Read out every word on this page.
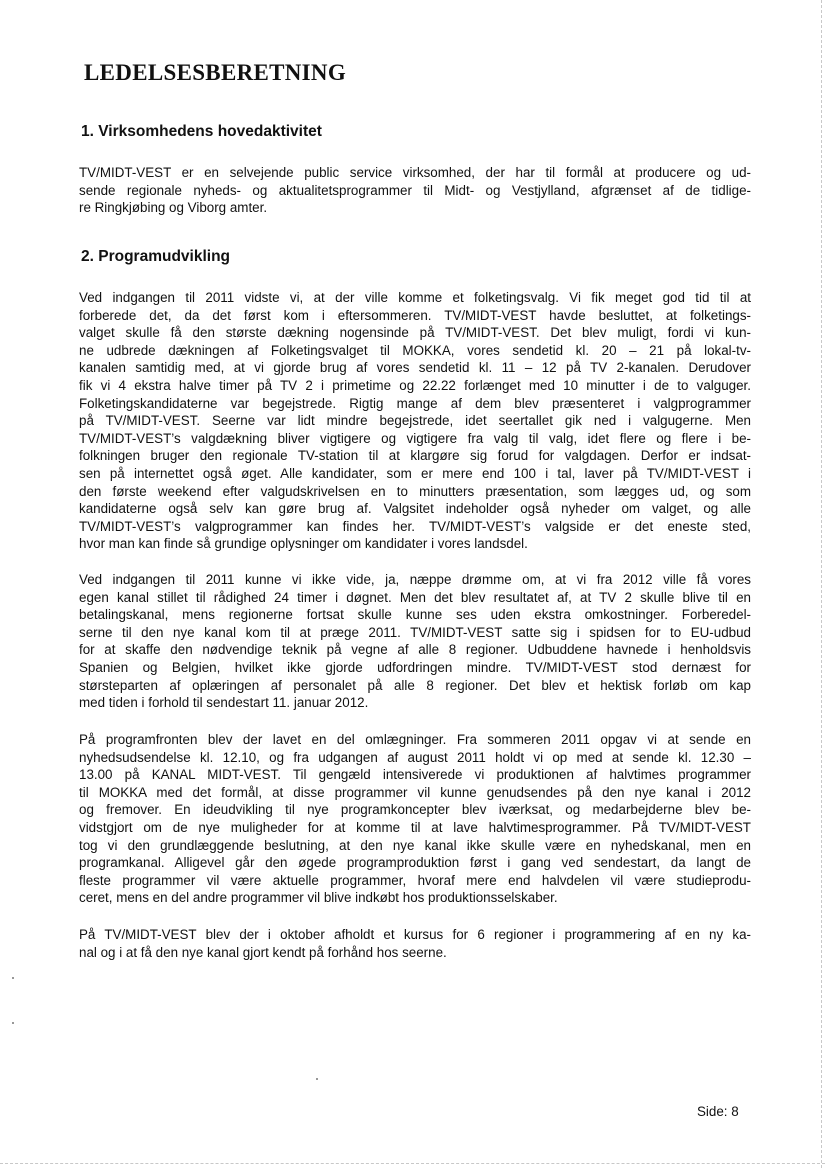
LEDELSESBERETNING
1. Virksomhedens hovedaktivitet
TV/MIDT-VEST er en selvejende public service virksomhed, der har til formål at producere og ud-
sende regionale nyheds- og aktualitetsprogrammer til Midt- og Vestjylland, afgrænset af de tidlige-
re Ringkjøbing og Viborg amter.
2. Programudvikling
Ved indgangen til 2011 vidste vi, at der ville komme et folketingsvalg. Vi fik meget god tid til at
forberede det, da det først kom i eftersommeren. TV/MIDT-VEST havde besluttet, at folketings-
valget skulle få den største dækning nogensinde på TV/MIDT-VEST. Det blev muligt, fordi vi kun-
ne udbrede dækningen af Folketingsvalget til MOKKA, vores sendetid kl. 20 – 21 på lokal-tv-
kanalen samtidig med, at vi gjorde brug af vores sendetid kl. 11 – 12 på TV 2-kanalen. Derudover
fik vi 4 ekstra halve timer på TV 2 i primetime og 22.22 forlænget med 10 minutter i de to valguger.
Folketingskandidaterne var begejstrede. Rigtig mange af dem blev præsenteret i valgprogrammer
på TV/MIDT-VEST. Seerne var lidt mindre begejstrede, idet seertallet gik ned i valgugerne. Men
TV/MIDT-VEST’s valgdækning bliver vigtigere og vigtigere fra valg til valg, idet flere og flere i be-
folkningen bruger den regionale TV-station til at klargøre sig forud for valgdagen. Derfor er indsat-
sen på internettet også øget. Alle kandidater, som er mere end 100 i tal, laver på TV/MIDT-VEST i
den første weekend efter valgudskrivelsen en to minutters præsentation, som lægges ud, og som
kandidaterne også selv kan gøre brug af. Valgsitet indeholder også nyheder om valget, og alle
TV/MIDT-VEST’s valgprogrammer kan findes her. TV/MIDT-VEST’s valgside er det eneste sted,
hvor man kan finde så grundige oplysninger om kandidater i vores landsdel.
Ved indgangen til 2011 kunne vi ikke vide, ja, næppe drømme om, at vi fra 2012 ville få vores
egen kanal stillet til rådighed 24 timer i døgnet. Men det blev resultatet af, at TV 2 skulle blive til en
betalingskanal, mens regionerne fortsat skulle kunne ses uden ekstra omkostninger. Forberedel-
serne til den nye kanal kom til at præge 2011. TV/MIDT-VEST satte sig i spidsen for to EU-udbud
for at skaffe den nødvendige teknik på vegne af alle 8 regioner. Udbuddene havnede i henholdsvis
Spanien og Belgien, hvilket ikke gjorde udfordringen mindre. TV/MIDT-VEST stod dernæst for
størsteparten af oplæringen af personalet på alle 8 regioner. Det blev et hektisk forløb om kap
med tiden i forhold til sendestart 11. januar 2012.
På programfronten blev der lavet en del omlægninger. Fra sommeren 2011 opgav vi at sende en
nyhedsudsendelse kl. 12.10, og fra udgangen af august 2011 holdt vi op med at sende kl. 12.30 –
13.00 på KANAL MIDT-VEST. Til gengæld intensiverede vi produktionen af halvtimes programmer
til MOKKA med det formål, at disse programmer vil kunne genudsendes på den nye kanal i 2012
og fremover. En ideudvikling til nye programkoncepter blev iværksat, og medarbejderne blev be-
vidstgjort om de nye muligheder for at komme til at lave halvtimesprogrammer. På TV/MIDT-VEST
tog vi den grundlæggende beslutning, at den nye kanal ikke skulle være en nyhedskanal, men en
programkanal. Alligevel går den øgede programproduktion først i gang ved sendestart, da langt de
fleste programmer vil være aktuelle programmer, hvoraf mere end halvdelen vil være studieprodu-
ceret, mens en del andre programmer vil blive indkøbt hos produktionsselskaber.
På TV/MIDT-VEST blev der i oktober afholdt et kursus for 6 regioner i programmering af en ny ka-
nal og i at få den nye kanal gjort kendt på forhånd hos seerne.
Side: 8
